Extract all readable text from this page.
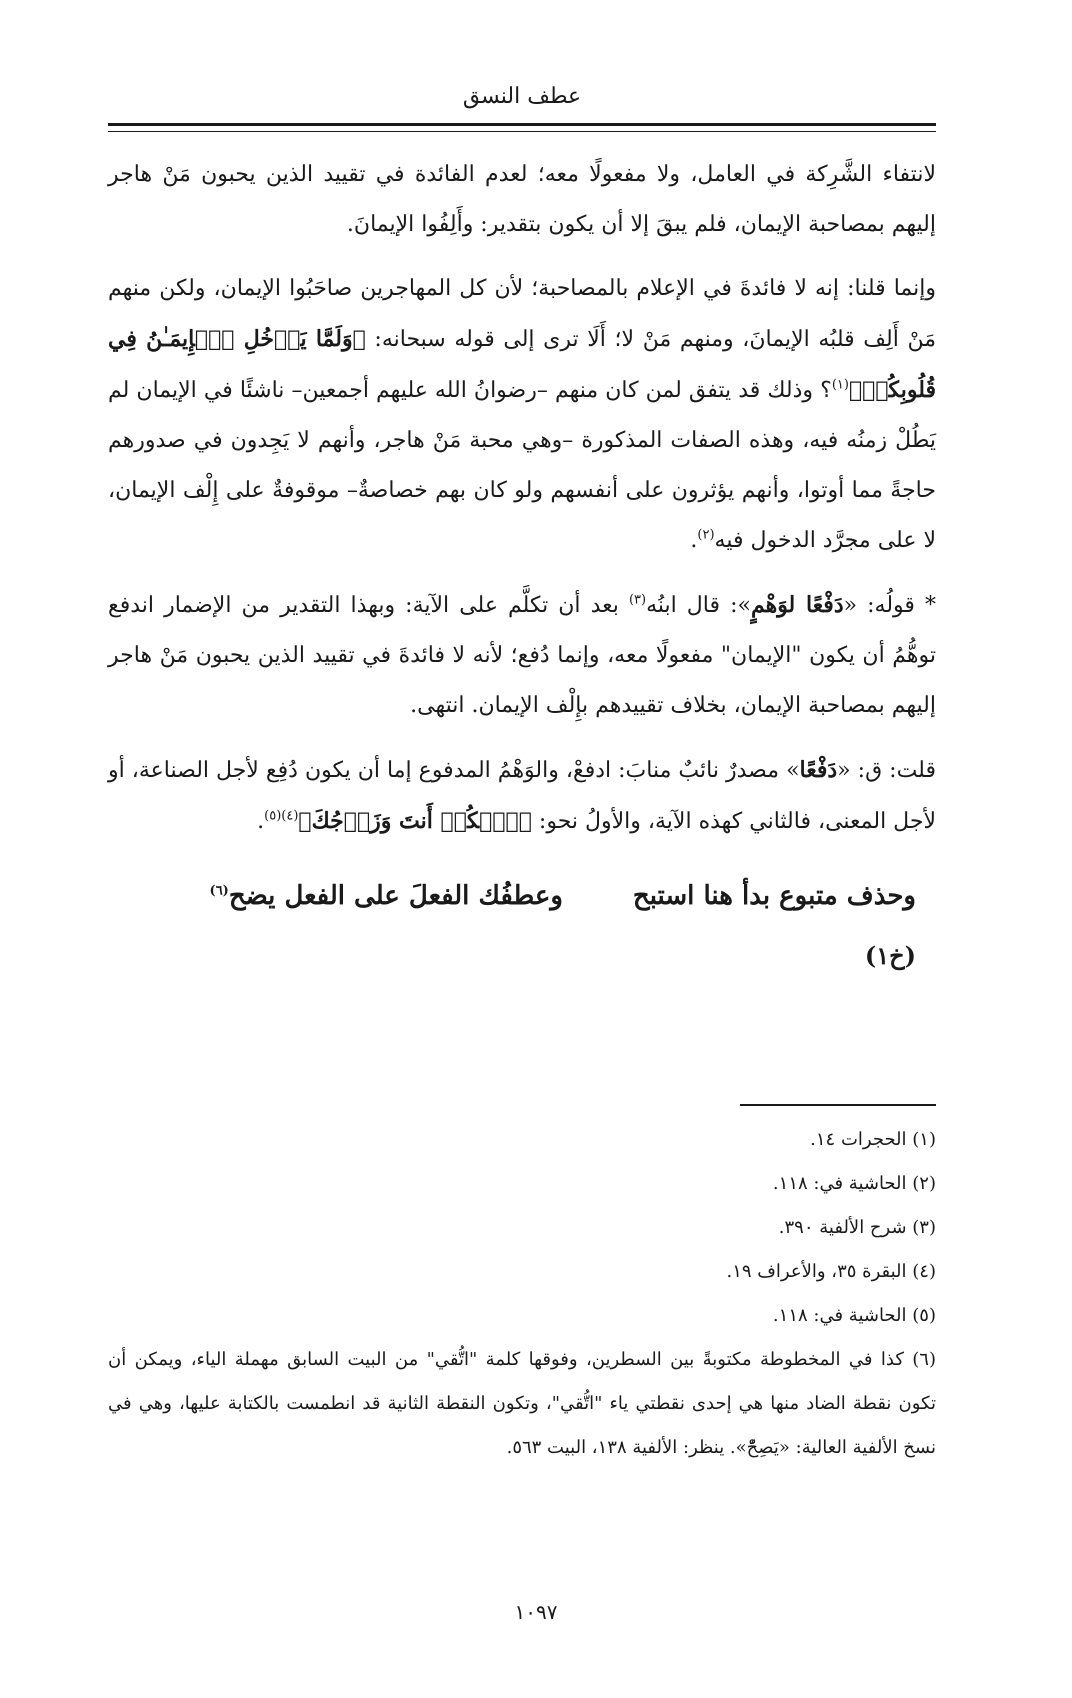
عطف النسق

لانتفاء الشَّرِكة في العامل، ولا مفعولًا معه؛ لعدم الفائدة في تقييد الذين يحبون مَنْ هاجر إليهم بمصاحبة الإيمان، فلم يبقَ إلا أن يكون بتقدير: وأَلِفُوا الإيمانَ.

وإنما قلنا: إنه لا فائدةَ في الإعلام بالمصاحبة؛ لأن كل المهاجرين صاحَبُوا الإيمان، ولكن منهم مَنْ أَلِف قلبُه الإيمانَ، ومنهم مَنْ لا؛ أَلَا ترى إلى قوله سبحانه: ﴿وَلَمَّا يَدۡخُلِ ٱلۡإِيمَـٰنُ فِي قُلُوبِكُمۡ﴾$^{(١)}$؟ وذلك قد يتفق لمن كان منهم –رضوانُ الله عليهم أجمعين– ناشئًا في الإيمان لم يَطُلْ زمنُه فيه، وهذه الصفات المذكورة –وهي محبة مَنْ هاجر، وأنهم لا يَجِدون في صدورهم حاجةً مما أوتوا، وأنهم يؤثرون على أنفسهم ولو كان بهم خصاصةٌ– موقوفةٌ على إِلْف الإيمان، لا على مجرَّد الدخول فيه$^{(٢)}$.

* قولُه: «دَفْعًا لوَهْمٍ»: قال ابنُه$^{(٣)}$ بعد أن تكلَّم على الآية: وبهذا التقدير من الإضمار اندفع توهُّمُ أن يكون "الإيمان" مفعولًا معه، وإنما دُفع؛ لأنه لا فائدةَ في تقييد الذين يحبون مَنْ هاجر إليهم بمصاحبة الإيمان، بخلاف تقييدهم بإِلْف الإيمان. انتهى.

قلت: ق: «دَفْعًا» مصدرٌ نائبٌ منابَ: ادفعْ، والوَهْمُ المدفوع إما أن يكون دُفِع لأجل الصناعة، أو لأجل المعنى، فالثاني كهذه الآية، والأولُ نحو: ﴿ٱسۡكُنۡ أَنتَ وَزَوۡجُكَ﴾$^{(٤)(٥)}$.

وحذف متبوع بدأ هنا استبح
وعطفُك الفعلَ على الفعل يضح$^{(٦)}$
(خ١)

(١) الحجرات ١٤.

(٢) الحاشية في: ١١٨.

(٣) شرح الألفية ٣٩٠.

(٤) البقرة ٣٥، والأعراف ١٩.

(٥) الحاشية في: ١١٨.

(٦) كذا في المخطوطة مكتوبةً بين السطرين، وفوقها كلمة "اتُّقي" من البيت السابق مهملة الياء، ويمكن أن تكون نقطة الضاد منها هي إحدى نقطتي ياء "اتُّقي"، وتكون النقطة الثانية قد انطمست بالكتابة عليها، وهي في نسخ الألفية العالية: «يَصِحّْ». ينظر: الألفية ١٣٨، البيت ٥٦٣.

١٠٩٧
